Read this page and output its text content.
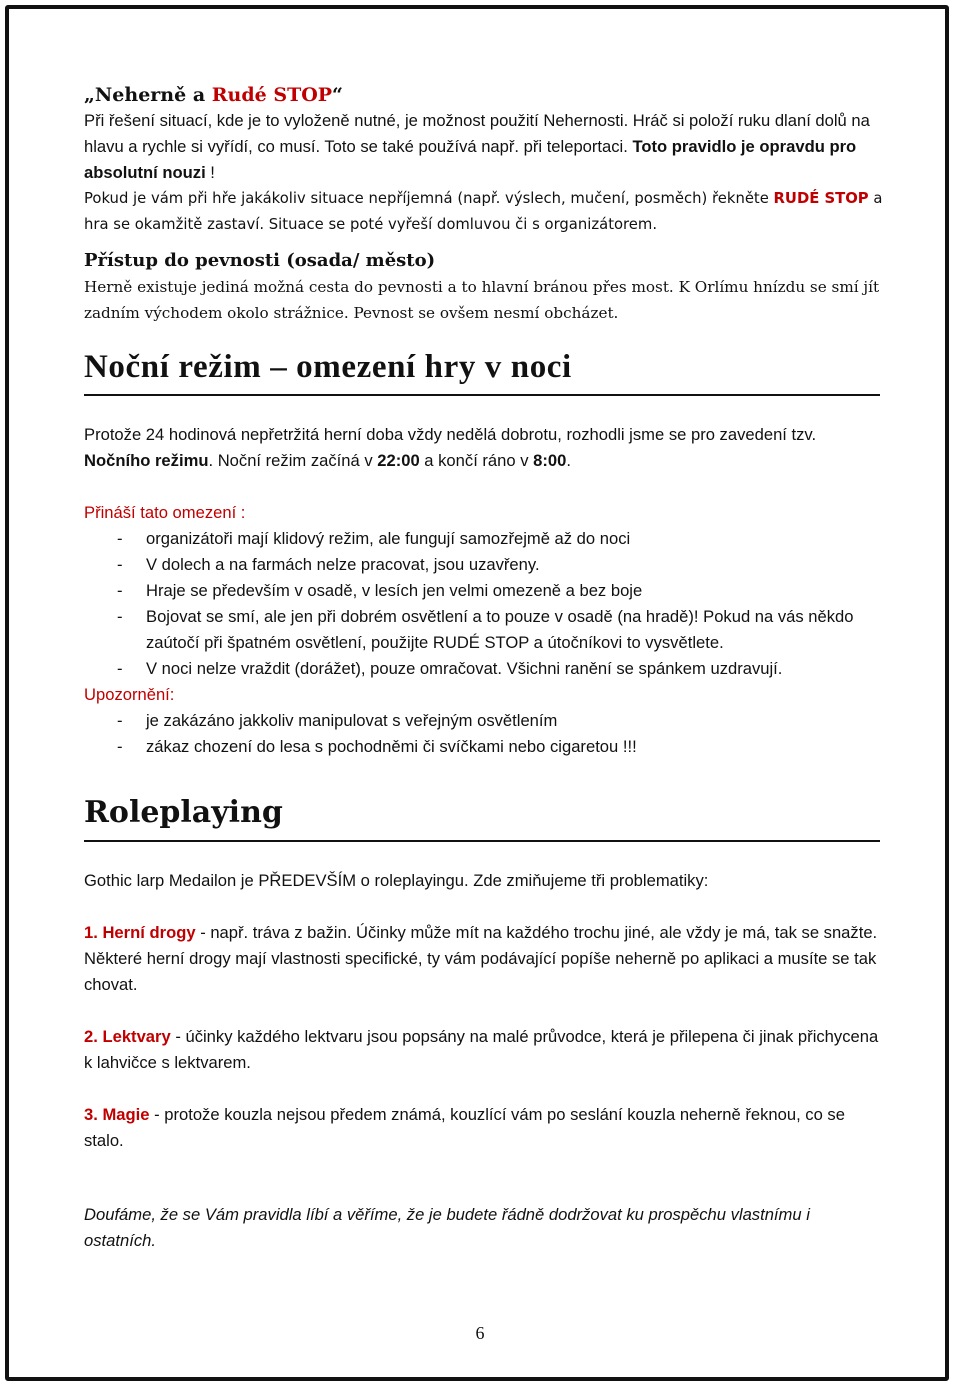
„Neherně a Rudé STOP“

Při řešení situací, kde je to vyloženě nutné, je možnost použití Nehernosti. Hráč si položí ruku dlaní dolů na hlavu a rychle si vyřídí, co musí. Toto se také používá např. při teleportaci. Toto pravidlo je opravdu pro absolutní nouzi !

Pokud je vám při hře jakákoliv situace nepříjemná (např. výslech, mučení, posměch) řekněte RUDÉ STOP a hra se okamžitě zastaví. Situace se poté vyřeší domluvou či s organizátorem.

Přístup do pevnosti (osada/ město)

Herně existuje jediná možná cesta do pevnosti a to hlavní bránou přes most. K Orlímu hnízdu se smí jít zadním východem okolo strážnice. Pevnost se ovšem nesmí obcházet.

Noční režim – omezení hry v noci

Protože 24 hodinová nepřetržitá herní doba vždy nedělá dobrotu, rozhodli jsme se pro zavedení tzv. Nočního režimu. Noční režim začíná v 22:00 a končí ráno v 8:00.

Přináší tato omezení :

- organizátoři mají klidový režim, ale fungují samozřejmě až do noci
- V dolech a na farmách nelze pracovat, jsou uzavřeny.
- Hraje se především v osadě, v lesích jen velmi omezeně a bez boje
- Bojovat se smí, ale jen při dobrém osvětlení a to pouze v osadě (na hradě)! Pokud na vás někdo zaútočí při špatném osvětlení, použijte RUDÉ STOP a útočníkovi to vysvětlete.
- V noci nelze vraždit (dorážet), pouze omračovat. Všichni ranění se spánkem uzdravují.

Upozornění:

- je zakázáno jakkoliv manipulovat s veřejným osvětlením
- zákaz chození do lesa s pochodněmi či svíčkami nebo cigaretou !!!
Roleplaying

Gothic larp Medailon je PŘEDEVŠÍM o roleplayingu. Zde zmiňujeme tři problematiky:

1. Herní drogy - např. tráva z bažin. Účinky může mít na každého trochu jiné, ale vždy je má, tak se snažte. Některé herní drogy mají vlastnosti specifické, ty vám podávající popíše neherně po aplikaci a musíte se tak chovat.

2. Lektvary - účinky každého lektvaru jsou popsány na malé průvodce, která je přilepena či jinak přichycena k lahvičce s lektvarem.

3. Magie - protože kouzla nejsou předem známá, kouzlící vám po seslání kouzla neherně řeknou, co se stalo.

Doufáme, že se Vám pravidla líbí a věříme, že je budete řádně dodržovat ku prospěchu vlastnímu i ostatních.

6
